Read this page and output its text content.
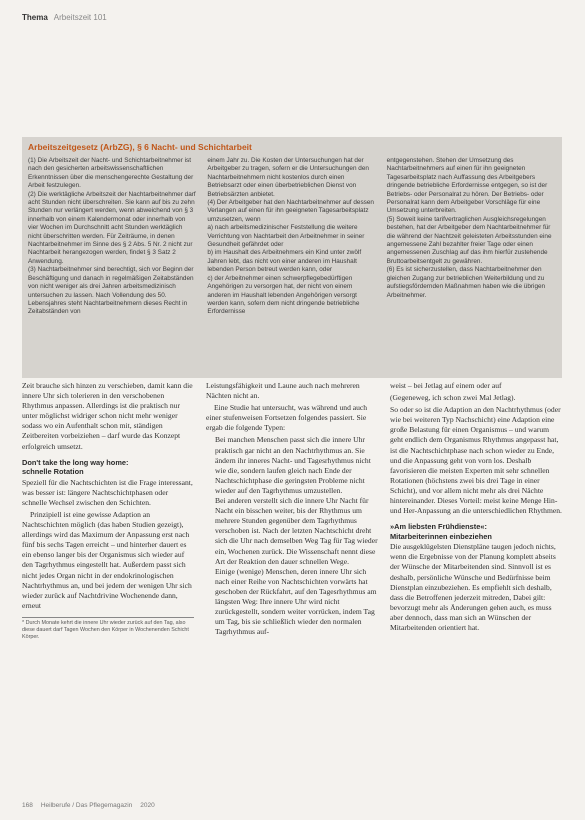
Thema Arbeitszeit 101
Arbeitszeitgesetz (ArbZG), § 6 Nacht- und Schichtarbeit

(1) Die Arbeitszeit der Nacht- und Schichtarbeitnehmer ist nach den gesicherten arbeitswissenschaftlichen Erkenntnissen über die menschengerechte Gestaltung der Arbeit festzulegen.

(2) Die werktägliche Arbeitszeit der Nachtarbeitnehmer darf acht Stunden nicht überschreiten. Sie kann auf bis zu zehn Stunden nur verlängert werden, wenn abweichend von § 3 innerhalb von einem Kalendermonat oder innerhalb von vier Wochen im Durchschnitt acht Stunden werktäglich nicht überschritten werden. Für Zeiträume, in denen Nachtarbeitnehmer im Sinne des § 2 Abs. 5 Nr. 2 nicht zur Nachtarbeit herangezogen werden, findet § 3 Satz 2 Anwendung.

(3) Nachtarbeitnehmer sind berechtigt, sich vor Beginn der Beschäftigung und danach in regelmäßigen Zeitabständen von nicht weniger als drei Jahren arbeitsmedizinisch untersuchen zu lassen. Nach Vollendung des 50. Lebensjahres steht Nachtarbeitnehmern dieses Recht in Zeitabständen von

einem Jahr zu. Die Kosten der Untersuchungen hat der Arbeitgeber zu tragen, sofern er die Untersuchungen den Nachtarbeitnehmern nicht kostenlos durch einen Betriebsarzt oder einen überbetrieblichen Dienst von Betriebsärzten anbietet.

(4) Der Arbeitgeber hat den Nachtarbeitnehmer auf dessen Verlangen auf einen für ihn geeigneten Tagesarbeitsplatz umzusetzen, wenn

a) nach arbeitsmedizinischer Feststellung die weitere Verrichtung von Nachtarbeit den Arbeitnehmer in seiner Gesundheit gefährdet oder

b) im Haushalt des Arbeitnehmers ein Kind unter zwölf Jahren lebt, das nicht von einer anderen im Haushalt lebenden Person betreut werden kann, oder

c) der Arbeitnehmer einen schwerpflegebedürftigen Angehörigen zu versorgen hat, der nicht von einem anderen im Haushalt lebenden Angehörigen versorgt werden kann, sofern dem nicht dringende betriebliche Erfordernisse

entgegenstehen. Stehen der Umsetzung des Nachtarbeitnehmers auf einen für ihn geeigneten Tagesarbeitsplatz nach Auffassung des Arbeitgebers dringende betriebliche Erfordernisse entgegen, so ist der Betriebs- oder Personalrat zu hören. Der Betriebs- oder Personalrat kann dem Arbeitgeber Vorschläge für eine Umsetzung unterbreiten.

(5) Soweit keine tarifvertraglichen Ausgleichsregelungen bestehen, hat der Arbeitgeber dem Nachtarbeitnehmer für die während der Nachtzeit geleisteten Arbeitsstunden eine angemessene Zahl bezahlter freier Tage oder einen angemessenen Zuschlag auf das ihm hierfür zustehende Bruttoarbeitsentgelt zu gewähren.

(6) Es ist sicherzustellen, dass Nachtarbeitnehmer den gleichen Zugang zur betrieblichen Weiterbildung und zu aufstiegsfördernden Maßnahmen haben wie die übrigen Arbeitnehmer.

Zeit brauche sich hinzen zu verschieben, damit kann die innere Uhr sich tolerieren in den verschobenen Rhythmus anpassen. Allerdings ist die praktisch nur unter möglichst widriger schon nicht mehr weniger sodass wo ein Aufenthalt schon mit, ständigen Zeitbereiten vorbeiziehen – darf wurde das Konzept erfolgreich umsetzt.

Don't take the long way home:
schnelle Rotation

Speziell für die Nachtschichten ist die Frage interessant, was besser ist: längere Nachtschichtphasen oder schnelle Wechsel zwischen den Schichten.

Prinzipiell ist eine gewisse Adaption an Nachtschichten möglich (das haben Studien gezeigt), allerdings wird das Maximum der Anpassung erst nach fünf bis sechs Tagen erreicht – und hinterher dauert es ein ebenso langer bis der Organismus sich wieder auf den Tagrhythmus eingestellt hat. Außerdem passt sich nicht jedes Organ nicht in der endokrinologischen Nachtrhythmus an, und bei jedem der wenigen Uhr sich wieder zurück auf Nachtdrivine Wochenende dann, erneut

* Durch Monate kehrt die innere Uhr wieder zurück auf den Tag, also diese dauert darf Tagen Wochen den Körper in Wochenenden Schicht Körper.

Leistungsfähigkeit und Laune auch nach mehreren Nächten nicht an.

Eine Studie hat untersucht, was während und auch einer stufenweisen Fortsetzen folgendes passiert. Sie ergab die folgende Typen:

• Bei manchen Menschen passt sich die innere Uhr praktisch gar nicht an den Nachtrhythmus an. Sie ändern ihr inneres Nacht- und Tagesrhythmus nicht wie die, sondern laufen gleich nach Ende der Nachtschichtphase die geringsten Probleme nicht wieder auf den Tagrhythmus umzustellen.
• Bei anderen verstellt sich die innere Uhr Nacht für Nacht ein bisschen weiter, bis der Rhythmus um mehrere Stunden gegenüber dem Tagrhythmus verschoben ist. Nach der letzten Nachtschicht dreht sich die Uhr nach demselben Weg Tag für Tag wieder ein, Wochenen zurück. Die Wissenschaft nennt diese Art der Reaktion den dauer schnellen Wege.
• Einige (wenige) Menschen, deren innere Uhr sich nach einer Reihe von Nachtschichten vorwärts hat geschoben der Rückfahrt, auf den Tagesrhythmus am längsten Weg: Ihre innere Uhr wird nicht zurückgestellt, sondern weiter vorrücken, indem Tag um Tag, bis sie schließlich wieder den normalen Tagrhythmus auf-

weist – bei Jetlag auf einem oder auf

(Gegeneweg, ich schon zwei Mal Jetlag).

So oder so ist die Adaption an den Nachtrhythmus (oder wie bei weiteren Typ Nachschicht) eine Adaption eine große Belastung für einen Organismus – und warum geht endlich dem Organismus Rhythmus angepasst hat, ist die Nachtschichtphase nach schon wieder zu Ende, und die Anpassung geht von vorn los. Deshalb favorisieren die meisten Experten mit sehr schnellen Rotationen (höchstens zwei bis drei Tage in einer Schicht), und vor allem nicht mehr als drei Nächte hintereinander. Dieses Vorteil: meist keine Menge Hin- und Her-Anpassung an die unterschiedlichen Rhythmen.

»Am liebsten Frühdienste«:
Mitarbeiterinnen einbeziehen

Die ausgeklügelsten Dienstpläne taugen jedoch nichts, wenn die Ergebnisse von der Planung komplett abseits der Wünsche der Mitarbeitenden sind. Sinnvoll ist es deshalb, persönliche Wünsche und Bedürfnisse beim Dienstplan einzubeziehen. Es empfiehlt sich deshalb, dass die Betroffenen jederzeit mitreden, Dabei gilt: bevorzugt mehr als Änderungen gehen auch, es muss aber dennoch, dass man sich an Wünschen der Mitarbeitenden orientiert hat.

168 Heilberufe / Das Pflegemagazin 2020
